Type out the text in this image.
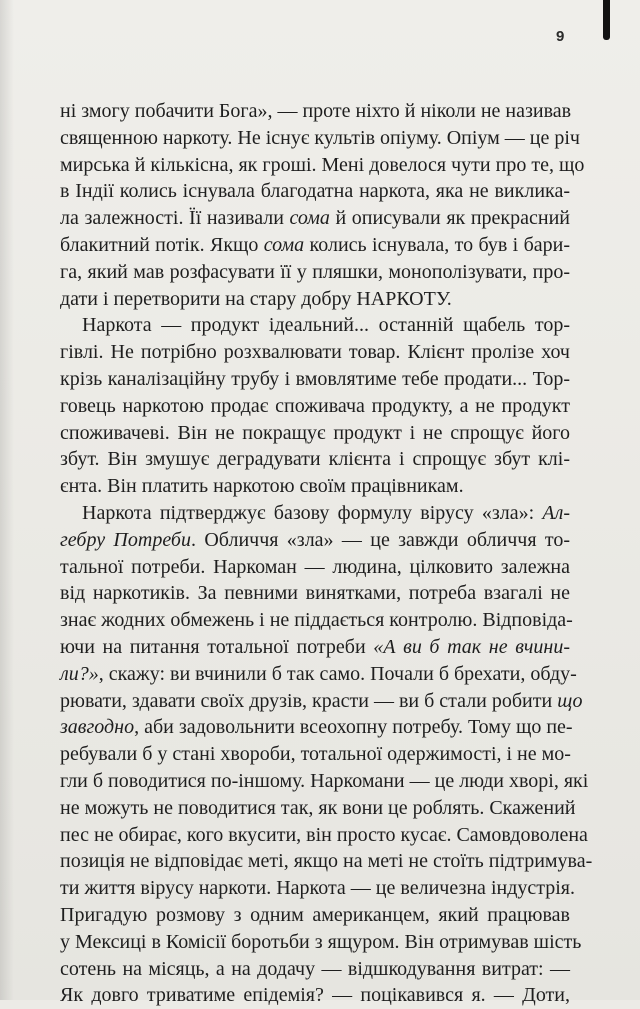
9
ні змогу побачити Бога», — проте ніхто й ніколи не називав
священною наркоту. Не існує культів опіуму. Опіум — це річ
мирська й кількісна, як гроші. Мені довелося чути про те, що
в Індії колись існувала благодатна наркота, яка не виклика-
ла залежності. Її називали сома й описували як прекрасний
блакитний потік. Якщо сома колись існувала, то був і бари-
га, який мав розфасувати її у пляшки, монополізувати, про-
дати і перетворити на стару добру НАРКОТУ.
Наркота — продукт ідеальний... останній щабель тор-
гівлі. Не потрібно розхвалювати товар. Клієнт пролізе хоч
крізь каналізаційну трубу і вмовлятиме тебе продати... Тор-
говець наркотою продає споживача продукту, а не продукт
споживачеві. Він не покращує продукт і не спрощує його
збут. Він змушує деградувати клієнта і спрощує збут клі-
єнта. Він платить наркотою своїм працівникам.
Наркота підтверджує базову формулу вірусу «зла»: Ал-
гебру Потреби. Обличчя «зла» — це завжди обличчя то-
тальної потреби. Наркоман — людина, цілковито залежна
від наркотиків. За певними винятками, потреба взагалі не
знає жодних обмежень і не піддається контролю. Відповіда-
ючи на питання тотальної потреби «А ви б так не вчини-
ли?», скажу: ви вчинили б так само. Почали б брехати, обду-
рювати, здавати своїх друзів, красти — ви б стали робити що
завгодно, аби задовольнити всеохопну потребу. Тому що пе-
ребували б у стані хвороби, тотальної одержимості, і не мо-
гли б поводитися по-іншому. Наркомани — це люди хворі, які
не можуть не поводитися так, як вони це роблять. Скажений
пес не обирає, кого вкусити, він просто кусає. Самовдоволена
позиція не відповідає меті, якщо на меті не стоїть підтримува-
ти життя вірусу наркоти. Наркота — це величезна індустрія.
Пригадую розмову з одним американцем, який працював
у Мексиці в Комісії боротьби з ящуром. Він отримував шість
сотень на місяць, а на додачу — відшкодування витрат: —
Як довго триватиме епідемія? — поцікавився я. — Доти,
